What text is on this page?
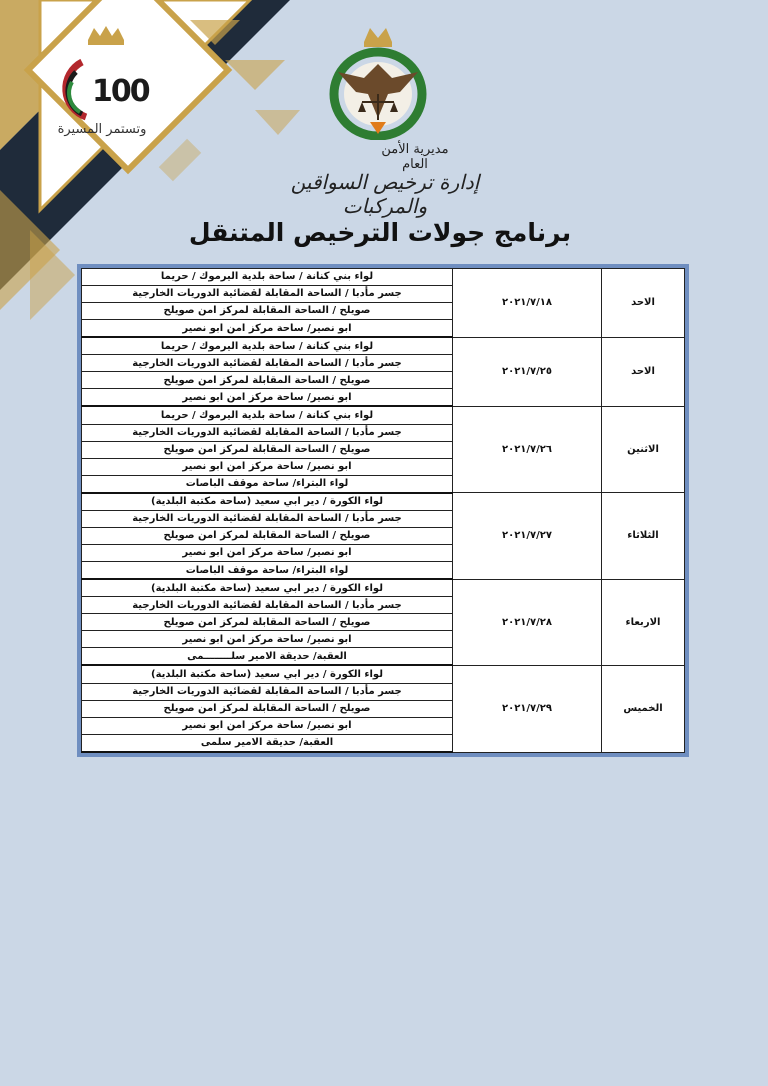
100
وتستمر المسيرة
مديرية الأمن العام
إدارة ترخيص السواقين والمركبات
برنامج جولات الترخيص المتنقل
الاحد	٢٠٢١/٧/١٨	لواء بني كنانة / ساحة بلدية اليرموك / حريما
		جسر مأدبا / الساحة المقابلة لقضائية الدوريات الخارجية
		صويلح / الساحة المقابلة لمركز امن صويلح
		ابو نصير/ ساحة مركز امن ابو نصير
الاحد	٢٠٢١/٧/٢٥	لواء بني كنانة / ساحة بلدية اليرموك / حريما
		جسر مأدبا / الساحة المقابلة لقضائية الدوريات الخارجية
		صويلح / الساحة المقابلة لمركز امن صويلح
		ابو نصير/ ساحة مركز امن ابو نصير
الاثنين	٢٠٢١/٧/٢٦	لواء بني كنانة / ساحة بلدية اليرموك / حريما
		جسر مأدبا / الساحة المقابلة لقضائية الدوريات الخارجية
		صويلح / الساحة المقابلة لمركز امن صويلح
		ابو نصير/ ساحة مركز امن ابو نصير
		لواء البتراء/ ساحة موقف الباصات
الثلاثاء	٢٠٢١/٧/٢٧	لواء الكورة / دير ابي سعيد (ساحة مكتبة البلدية)
		جسر مأدبا / الساحة المقابلة لقضائية الدوريات الخارجية
		صويلح / الساحة المقابلة لمركز امن صويلح
		ابو نصير/ ساحة مركز امن ابو نصير
		لواء البتراء/ ساحة موقف الباصات
الاربعاء	٢٠٢١/٧/٢٨	لواء الكورة / دير ابي سعيد (ساحة مكتبة البلدية)
		جسر مأدبا / الساحة المقابلة لقضائية الدوريات الخارجية
		صويلح / الساحة المقابلة لمركز امن صويلح
		ابو نصير/ ساحة مركز امن ابو نصير
		العقبة/ حديقة الامير سلــــــــمى
الخميس	٢٠٢١/٧/٢٩	لواء الكورة / دير ابي سعيد (ساحة مكتبة البلدية)
		جسر مأدبا / الساحة المقابلة لقضائية الدوريات الخارجية
		صويلح / الساحة المقابلة لمركز امن صويلح
		ابو نصير/ ساحة مركز امن ابو نصير
		العقبة/ حديقة الامير سلمى
